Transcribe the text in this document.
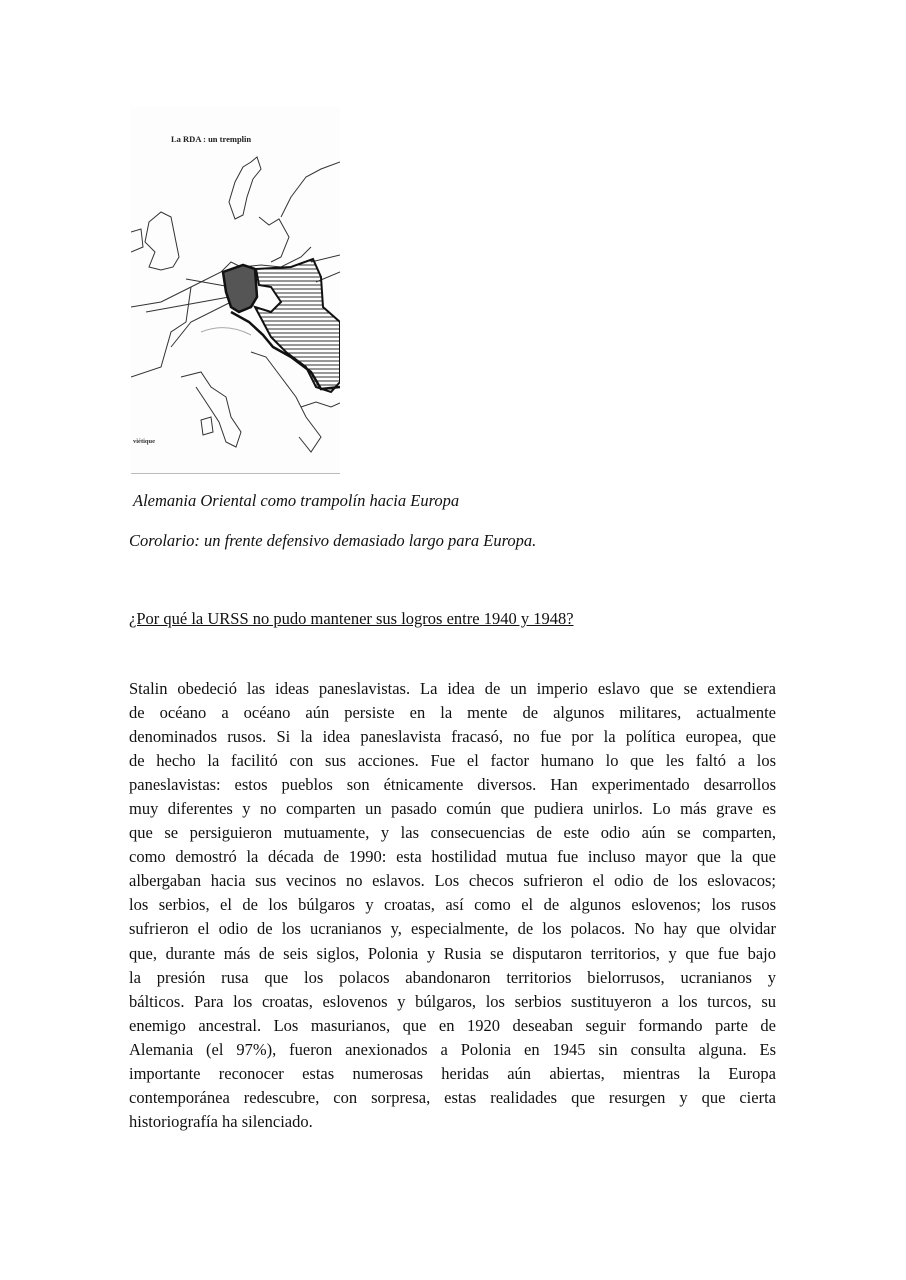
La RDA : un tremplin
viétique
Alemania Oriental como trampolín hacia Europa
Corolario: un frente defensivo demasiado largo para Europa.
¿Por qué la URSS no pudo mantener sus logros entre 1940 y 1948?
Stalin obedeció las ideas paneslavistas. La idea de un imperio eslavo que se extendiera
de océano a océano aún persiste en la mente de algunos militares, actualmente
denominados rusos. Si la idea paneslavista fracasó, no fue por la política europea, que
de hecho la facilitó con sus acciones. Fue el factor humano lo que les faltó a los
paneslavistas: estos pueblos son étnicamente diversos. Han experimentado desarrollos
muy diferentes y no comparten un pasado común que pudiera unirlos. Lo más grave es
que se persiguieron mutuamente, y las consecuencias de este odio aún se comparten,
como demostró la década de 1990: esta hostilidad mutua fue incluso mayor que la que
albergaban hacia sus vecinos no eslavos. Los checos sufrieron el odio de los eslovacos;
los serbios, el de los búlgaros y croatas, así como el de algunos eslovenos; los rusos
sufrieron el odio de los ucranianos y, especialmente, de los polacos. No hay que olvidar
que, durante más de seis siglos, Polonia y Rusia se disputaron territorios, y que fue bajo
la presión rusa que los polacos abandonaron territorios bielorrusos, ucranianos y
bálticos. Para los croatas, eslovenos y búlgaros, los serbios sustituyeron a los turcos, su
enemigo ancestral. Los masurianos, que en 1920 deseaban seguir formando parte de
Alemania (el 97%), fueron anexionados a Polonia en 1945 sin consulta alguna. Es
importante reconocer estas numerosas heridas aún abiertas, mientras la Europa
contemporánea redescubre, con sorpresa, estas realidades que resurgen y que cierta
historiografía ha silenciado.
